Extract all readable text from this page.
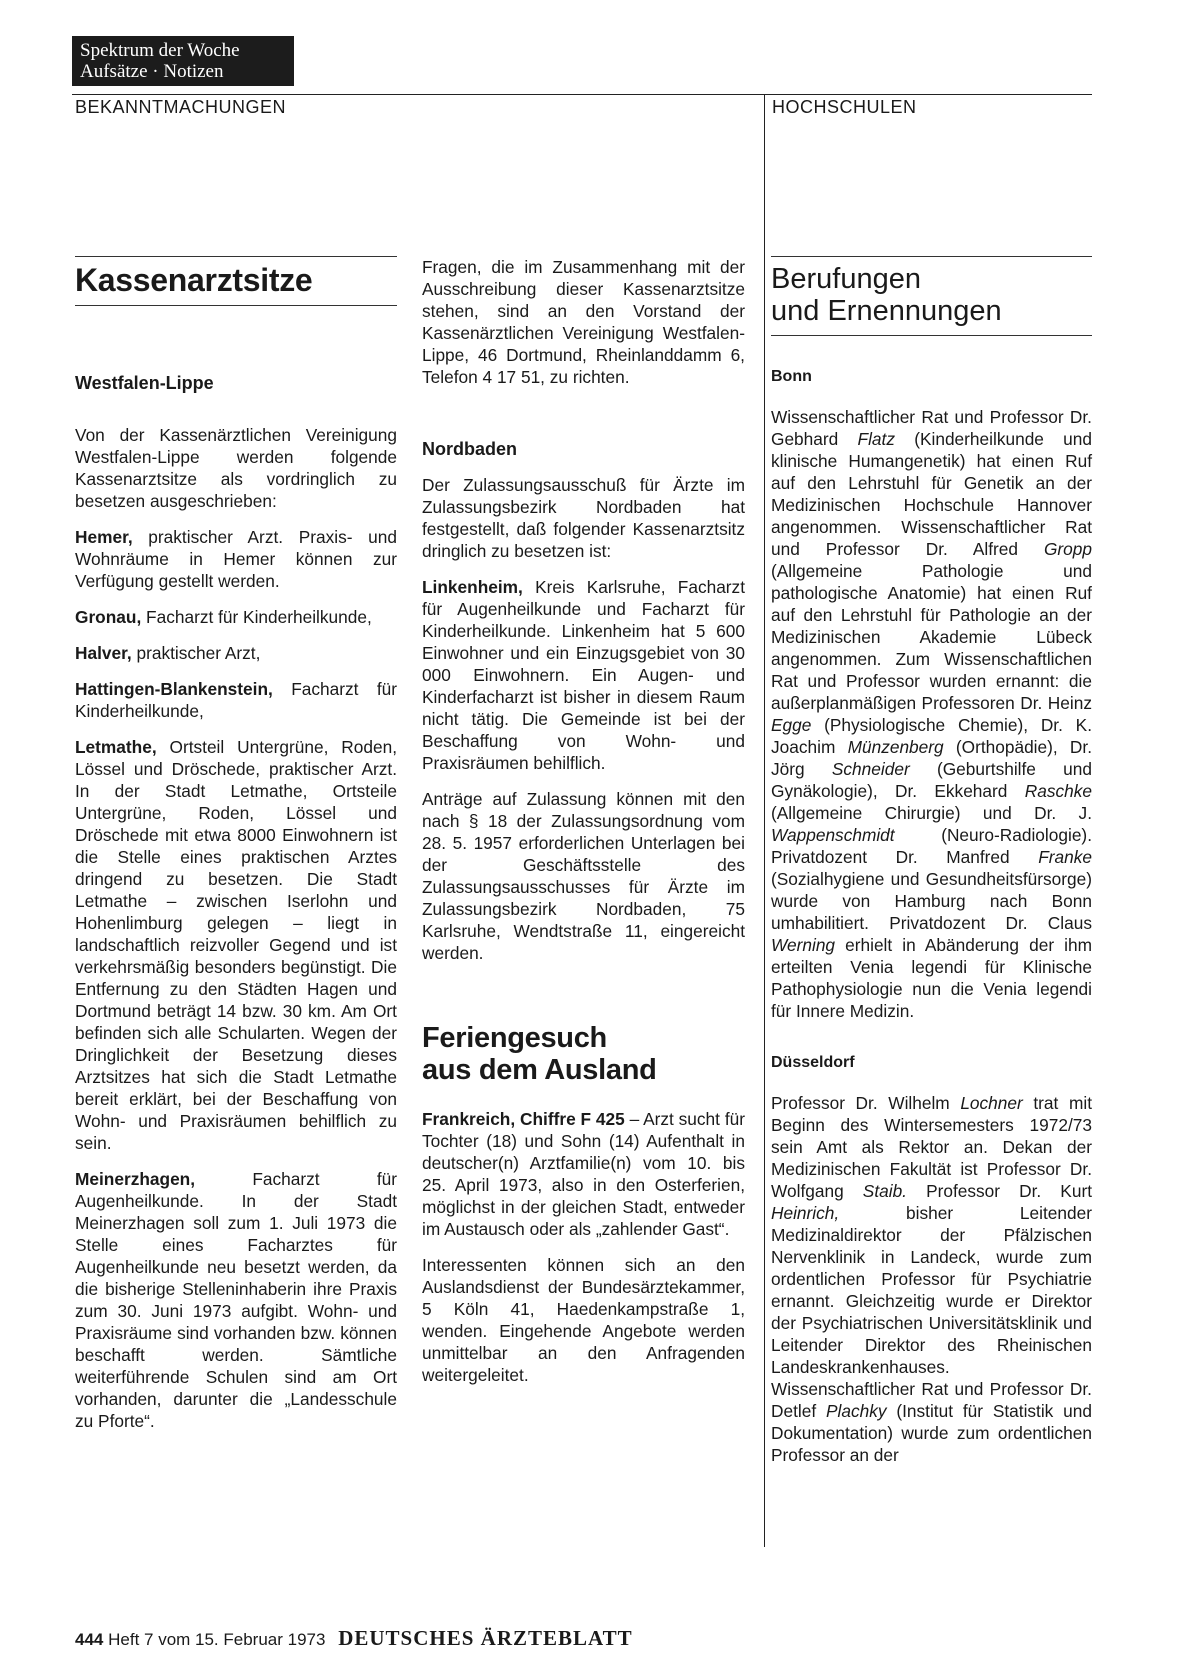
Spektrum der Woche
Aufsätze · Notizen
BEKANNTMACHUNGEN	HOCHSCHULEN
Kassenarztsitze
Westfalen-Lippe

Von der Kassenärztlichen Vereinigung Westfalen-Lippe werden folgende Kassenarztsitze als vordringlich zu besetzen ausgeschrieben:

Hemer, praktischer Arzt. Praxis- und Wohnräume in Hemer können zur Verfügung gestellt werden.

Gronau, Facharzt für Kinderheilkunde,

Halver, praktischer Arzt,

Hattingen-Blankenstein, Facharzt für Kinderheilkunde,

Letmathe, Ortsteil Untergrüne, Roden, Lössel und Dröschede, praktischer Arzt. In der Stadt Letmathe, Ortsteile Untergrüne, Roden, Lössel und Dröschede mit etwa 8000 Einwohnern ist die Stelle eines praktischen Arztes dringend zu besetzen. Die Stadt Letmathe – zwischen Iserlohn und Hohenlimburg gelegen – liegt in landschaftlich reizvoller Gegend und ist verkehrsmäßig besonders begünstigt. Die Entfernung zu den Städten Hagen und Dortmund beträgt 14 bzw. 30 km. Am Ort befinden sich alle Schularten. Wegen der Dringlichkeit der Besetzung dieses Arztsitzes hat sich die Stadt Letmathe bereit erklärt, bei der Beschaffung von Wohn- und Praxisräumen behilflich zu sein.

Meinerzhagen, Facharzt für Augenheilkunde. In der Stadt Meinerzhagen soll zum 1. Juli 1973 die Stelle eines Facharztes für Augenheilkunde neu besetzt werden, da die bisherige Stelleninhaberin ihre Praxis zum 30. Juni 1973 aufgibt. Wohn- und Praxisräume sind vorhanden bzw. können beschafft werden. Sämtliche weiterführende Schulen sind am Ort vorhanden, darunter die „Landesschule zu Pforte“.

Fragen, die im Zusammenhang mit der Ausschreibung dieser Kassenarztsitze stehen, sind an den Vorstand der Kassenärztlichen Vereinigung Westfalen-Lippe, 46 Dortmund, Rheinlanddamm 6, Telefon 4 17 51, zu richten.

Nordbaden

Der Zulassungsausschuß für Ärzte im Zulassungsbezirk Nordbaden hat festgestellt, daß folgender Kassenarztsitz dringlich zu besetzen ist:

Linkenheim, Kreis Karlsruhe, Facharzt für Augenheilkunde und Facharzt für Kinderheilkunde. Linkenheim hat 5 600 Einwohner und ein Einzugsgebiet von 30 000 Einwohnern. Ein Augen- und Kinderfacharzt ist bisher in diesem Raum nicht tätig. Die Gemeinde ist bei der Beschaffung von Wohn- und Praxisräumen behilflich.

Anträge auf Zulassung können mit den nach § 18 der Zulassungsordnung vom 28. 5. 1957 erforderlichen Unterlagen bei der Geschäftsstelle des Zulassungsausschusses für Ärzte im Zulassungsbezirk Nordbaden, 75 Karlsruhe, Wendtstraße 11, eingereicht werden.

Feriengesuch
aus dem Ausland

Frankreich, Chiffre F 425 – Arzt sucht für Tochter (18) und Sohn (14) Aufenthalt in deutscher(n) Arztfamilie(n) vom 10. bis 25. April 1973, also in den Osterferien, möglichst in der gleichen Stadt, entweder im Austausch oder als „zahlender Gast“.

Interessenten können sich an den Auslandsdienst der Bundesärztekammer, 5 Köln 41, Haedenkampstraße 1, wenden. Eingehende Angebote werden unmittelbar an den Anfragenden weitergeleitet.

Berufungen
und Ernennungen
Bonn

Wissenschaftlicher Rat und Professor Dr. Gebhard Flatz (Kinderheilkunde und klinische Humangenetik) hat einen Ruf auf den Lehrstuhl für Genetik an der Medizinischen Hochschule Hannover angenommen. Wissenschaftlicher Rat und Professor Dr. Alfred Gropp (Allgemeine Pathologie und pathologische Anatomie) hat einen Ruf auf den Lehrstuhl für Pathologie an der Medizinischen Akademie Lübeck angenommen. Zum Wissenschaftlichen Rat und Professor wurden ernannt: die außerplanmäßigen Professoren Dr. Heinz Egge (Physiologische Chemie), Dr. K. Joachim Münzenberg (Orthopädie), Dr. Jörg Schneider (Geburtshilfe und Gynäkologie), Dr. Ekkehard Raschke (Allgemeine Chirurgie) und Dr. J. Wappenschmidt (Neuro-Radiologie). Privatdozent Dr. Manfred Franke (Sozialhygiene und Gesundheitsfürsorge) wurde von Hamburg nach Bonn umhabilitiert. Privatdozent Dr. Claus Werning erhielt in Abänderung der ihm erteilten Venia legendi für Klinische Pathophysiologie nun die Venia legendi für Innere Medizin.

Düsseldorf

Professor Dr. Wilhelm Lochner trat mit Beginn des Wintersemesters 1972/73 sein Amt als Rektor an. Dekan der Medizinischen Fakultät ist Professor Dr. Wolfgang Staib. Professor Dr. Kurt Heinrich, bisher Leitender Medizinaldirektor der Pfälzischen Nervenklinik in Landeck, wurde zum ordentlichen Professor für Psychiatrie ernannt. Gleichzeitig wurde er Direktor der Psychiatrischen Universitätsklinik und Leitender Direktor des Rheinischen Landeskrankenhauses. Wissenschaftlicher Rat und Professor Dr. Detlef Plachky (Institut für Statistik und Dokumentation) wurde zum ordentlichen Professor an der

444 Heft 7 vom 15. Februar 1973 DEUTSCHES ÄRZTEBLATT
